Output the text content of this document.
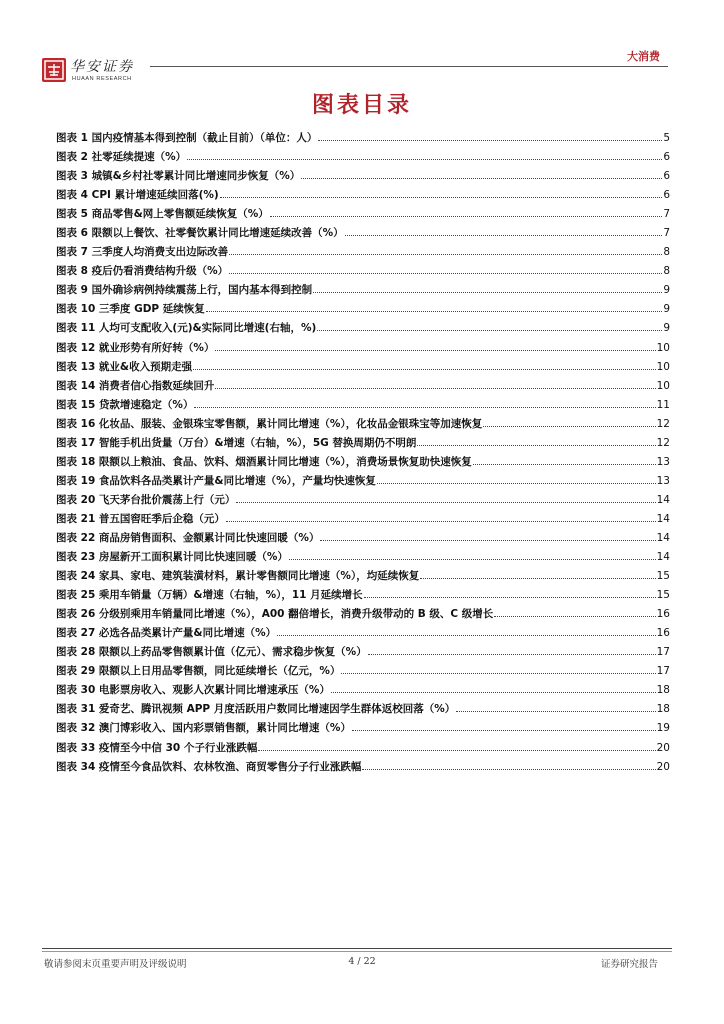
华安证券
HUAAN RESEARCH
大消费
图表目录
图表 1 国内疫情基本得到控制（截止目前）（单位：人）	5
图表 2 社零延续提速（%）	6
图表 3 城镇&乡村社零累计同比增速同步恢复（%）	6
图表 4 CPI 累计增速延续回落(%)	6
图表 5 商品零售&网上零售额延续恢复（%）	7
图表 6 限额以上餐饮、社零餐饮累计同比增速延续改善（%）	7
图表 7 三季度人均消费支出边际改善	8
图表 8 疫后仍看消费结构升级（%）	8
图表 9 国外确诊病例持续震荡上行，国内基本得到控制	9
图表 10 三季度 GDP 延续恢复	9
图表 11 人均可支配收入(元)&实际同比增速(右轴，%)	9
图表 12 就业形势有所好转（%）	10
图表 13 就业&收入预期走强	10
图表 14 消费者信心指数延续回升	10
图表 15 贷款增速稳定（%）	11
图表 16 化妆品、服装、金银珠宝零售额，累计同比增速（%），化妆品金银珠宝等加速恢复	12
图表 17 智能手机出货量（万台）&增速（右轴，%），5G 替换周期仍不明朗	12
图表 18 限额以上粮油、食品、饮料、烟酒累计同比增速（%），消费场景恢复助快速恢复	13
图表 19 食品饮料各品类累计产量&同比增速（%），产量均快速恢复	13
图表 20 飞天茅台批价震荡上行（元）	14
图表 21 普五国窖旺季后企稳（元）	14
图表 22 商品房销售面积、金额累计同比快速回暖（%）	14
图表 23 房屋新开工面积累计同比快速回暖（%）	14
图表 24 家具、家电、建筑装潢材料，累计零售额同比增速（%），均延续恢复	15
图表 25 乘用车销量（万辆）&增速（右轴，%），11 月延续增长	15
图表 26 分级别乘用车销量同比增速（%），A00 翻倍增长，消费升级带动的 B 级、C 级增长	16
图表 27 必选各品类累计产量&同比增速（%）	16
图表 28 限额以上药品零售额累计值（亿元）、需求稳步恢复（%）	17
图表 29 限额以上日用品零售额，同比延续增长（亿元，%）	17
图表 30 电影票房收入、观影人次累计同比增速承压（%）	18
图表 31 爱奇艺、腾讯视频 APP 月度活跃用户数同比增速因学生群体返校回落（%）	18
图表 32 澳门博彩收入、国内彩票销售额，累计同比增速（%）	19
图表 33 疫情至今中信 30 个子行业涨跌幅	20
图表 34 疫情至今食品饮料、农林牧渔、商贸零售分子行业涨跌幅	20
敬请参阅末页重要声明及评级说明	4 / 22	证券研究报告
